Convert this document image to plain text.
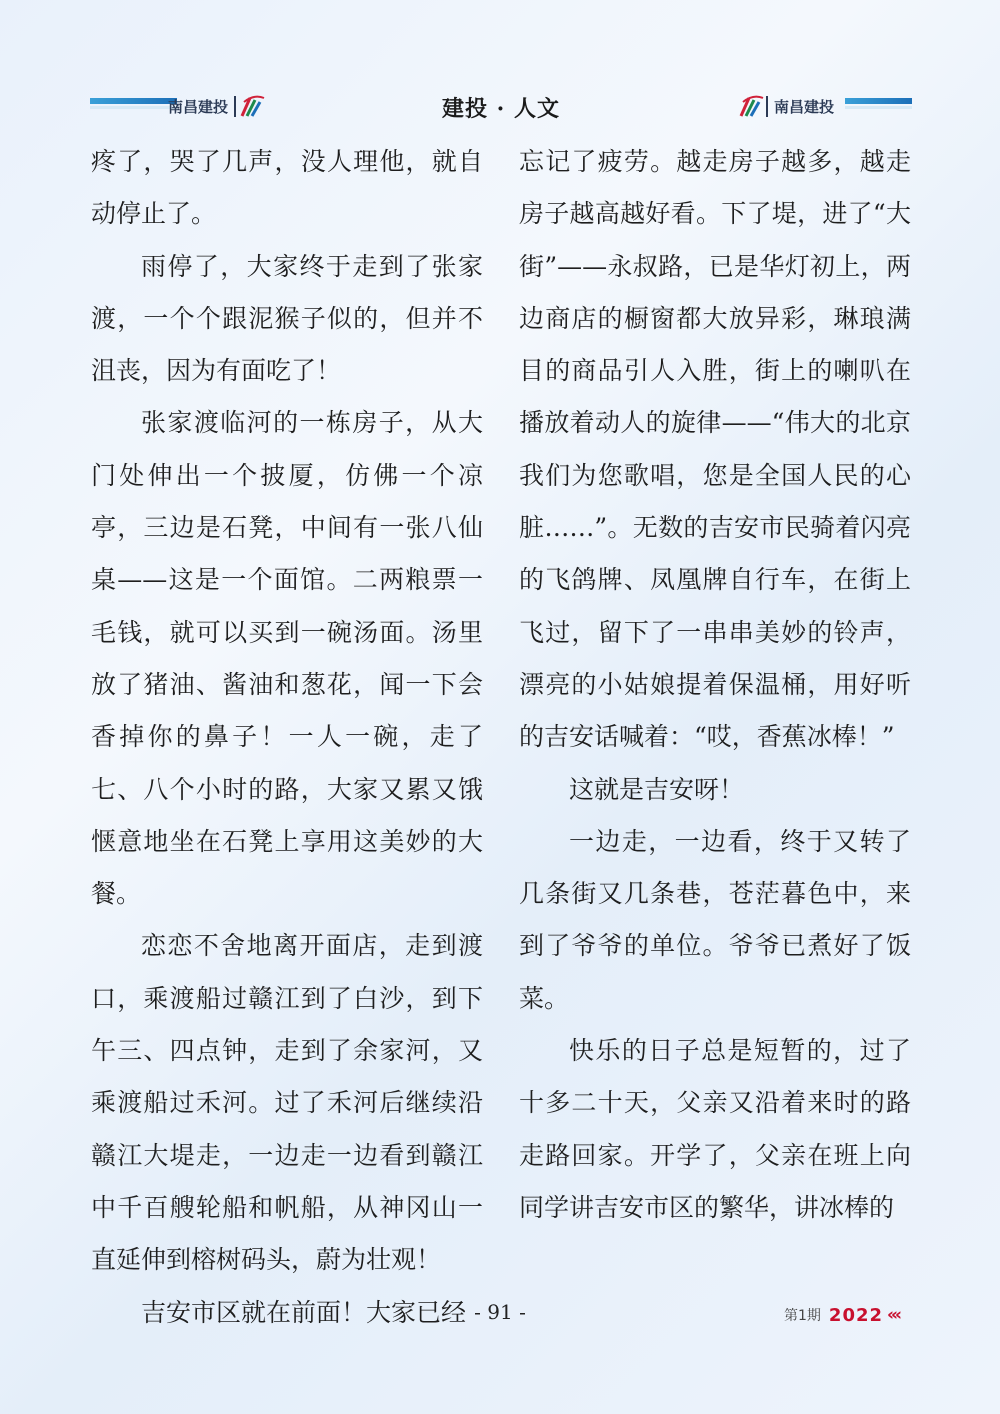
南昌建投	建投 · 人文	南昌建投

疼了，哭了几声，没人理他，就自动停止了。

雨停了，大家终于走到了张家渡，一个个跟泥猴子似的，但并不沮丧，因为有面吃了！

张家渡临河的一栋房子，从大门处伸出一个披厦，仿佛一个凉亭，三边是石凳，中间有一张八仙桌——这是一个面馆。二两粮票一毛钱，就可以买到一碗汤面。汤里放了猪油、酱油和葱花，闻一下会香掉你的鼻子！一人一碗，走了七、八个小时的路，大家又累又饿惬意地坐在石凳上享用这美妙的大餐。

恋恋不舍地离开面店，走到渡口，乘渡船过赣江到了白沙，到下午三、四点钟，走到了余家河，又乘渡船过禾河。过了禾河后继续沿赣江大堤走，一边走一边看到赣江中千百艘轮船和帆船，从神冈山一直延伸到榕树码头，蔚为壮观！

吉安市区就在前面！大家已经

忘记了疲劳。越走房子越多，越走房子越高越好看。下了堤，进了“大街”——永叔路，已是华灯初上，两边商店的橱窗都大放异彩，琳琅满目的商品引人入胜，街上的喇叭在播放着动人的旋律——“伟大的北京我们为您歌唱，您是全国人民的心脏……”。无数的吉安市民骑着闪亮的飞鸽牌、凤凰牌自行车，在街上飞过，留下了一串串美妙的铃声，漂亮的小姑娘提着保温桶，用好听的吉安话喊着：“哎，香蕉冰棒！”

这就是吉安呀！

一边走，一边看，终于又转了几条街又几条巷，苍茫暮色中，来到了爷爷的单位。爷爷已煮好了饭菜。

快乐的日子总是短暂的，过了十多二十天，父亲又沿着来时的路走路回家。开学了，父亲在班上向同学讲吉安市区的繁华，讲冰棒的

- 91 -	第1期 2022 ‹‹‹
